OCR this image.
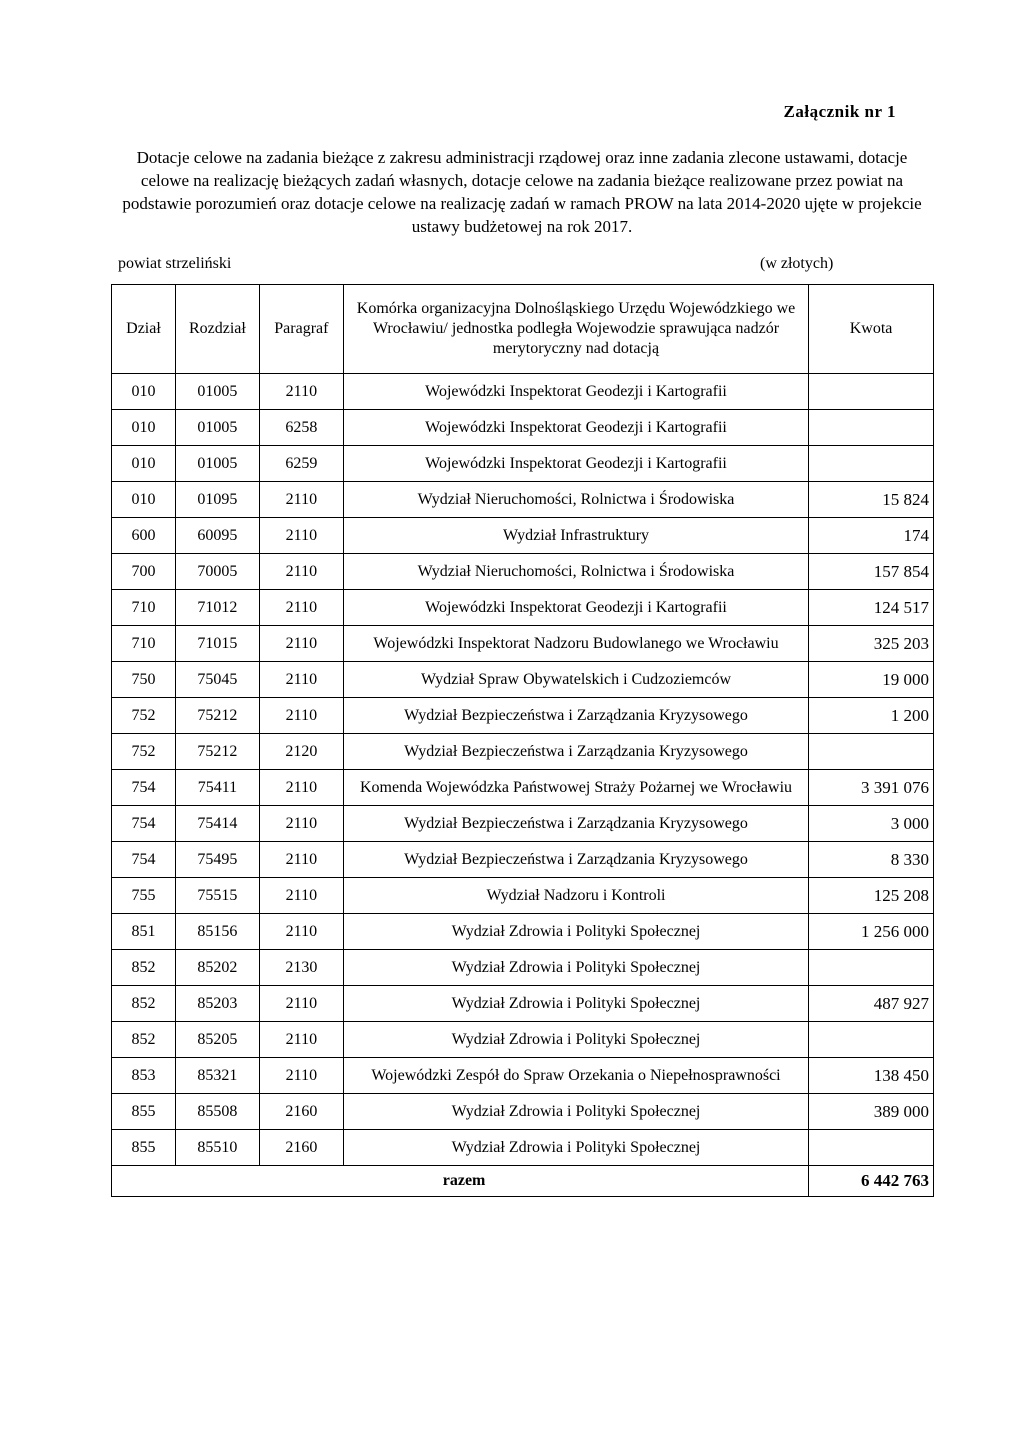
Załącznik nr 1
Dotacje celowe na zadania bieżące z zakresu administracji rządowej oraz inne zadania zlecone ustawami, dotacje celowe na realizację bieżących zadań własnych, dotacje celowe na zadania bieżące realizowane przez powiat na podstawie porozumień oraz dotacje celowe na realizację zadań w ramach PROW na lata 2014-2020 ujęte w projekcie ustawy budżetowej na rok 2017.
powiat strzeliński	(w złotych)
Dział	Rozdział	Paragraf	Komórka organizacyjna Dolnośląskiego Urzędu Wojewódzkiego we Wrocławiu/ jednostka podległa Wojewodzie sprawująca nadzór merytoryczny nad dotacją	Kwota
010	01005	2110	Wojewódzki Inspektorat Geodezji i Kartografii	
010	01005	6258	Wojewódzki Inspektorat Geodezji i Kartografii	
010	01005	6259	Wojewódzki Inspektorat Geodezji i Kartografii	
010	01095	2110	Wydział Nieruchomości, Rolnictwa i Środowiska	15 824
600	60095	2110	Wydział Infrastruktury	174
700	70005	2110	Wydział Nieruchomości, Rolnictwa i Środowiska	157 854
710	71012	2110	Wojewódzki Inspektorat Geodezji i Kartografii	124 517
710	71015	2110	Wojewódzki Inspektorat Nadzoru Budowlanego we Wrocławiu	325 203
750	75045	2110	Wydział Spraw Obywatelskich i Cudzoziemców	19 000
752	75212	2110	Wydział Bezpieczeństwa i Zarządzania Kryzysowego	1 200
752	75212	2120	Wydział Bezpieczeństwa i Zarządzania Kryzysowego	
754	75411	2110	Komenda Wojewódzka Państwowej Straży Pożarnej we Wrocławiu	3 391 076
754	75414	2110	Wydział Bezpieczeństwa i Zarządzania Kryzysowego	3 000
754	75495	2110	Wydział Bezpieczeństwa i Zarządzania Kryzysowego	8 330
755	75515	2110	Wydział Nadzoru i Kontroli	125 208
851	85156	2110	Wydział Zdrowia i Polityki Społecznej	1 256 000
852	85202	2130	Wydział Zdrowia i Polityki Społecznej	
852	85203	2110	Wydział Zdrowia i Polityki Społecznej	487 927
852	85205	2110	Wydział Zdrowia i Polityki Społecznej	
853	85321	2110	Wojewódzki Zespół do Spraw Orzekania o Niepełnosprawności	138 450
855	85508	2160	Wydział Zdrowia i Polityki Społecznej	389 000
855	85510	2160	Wydział Zdrowia i Polityki Społecznej	
razem				6 442 763
